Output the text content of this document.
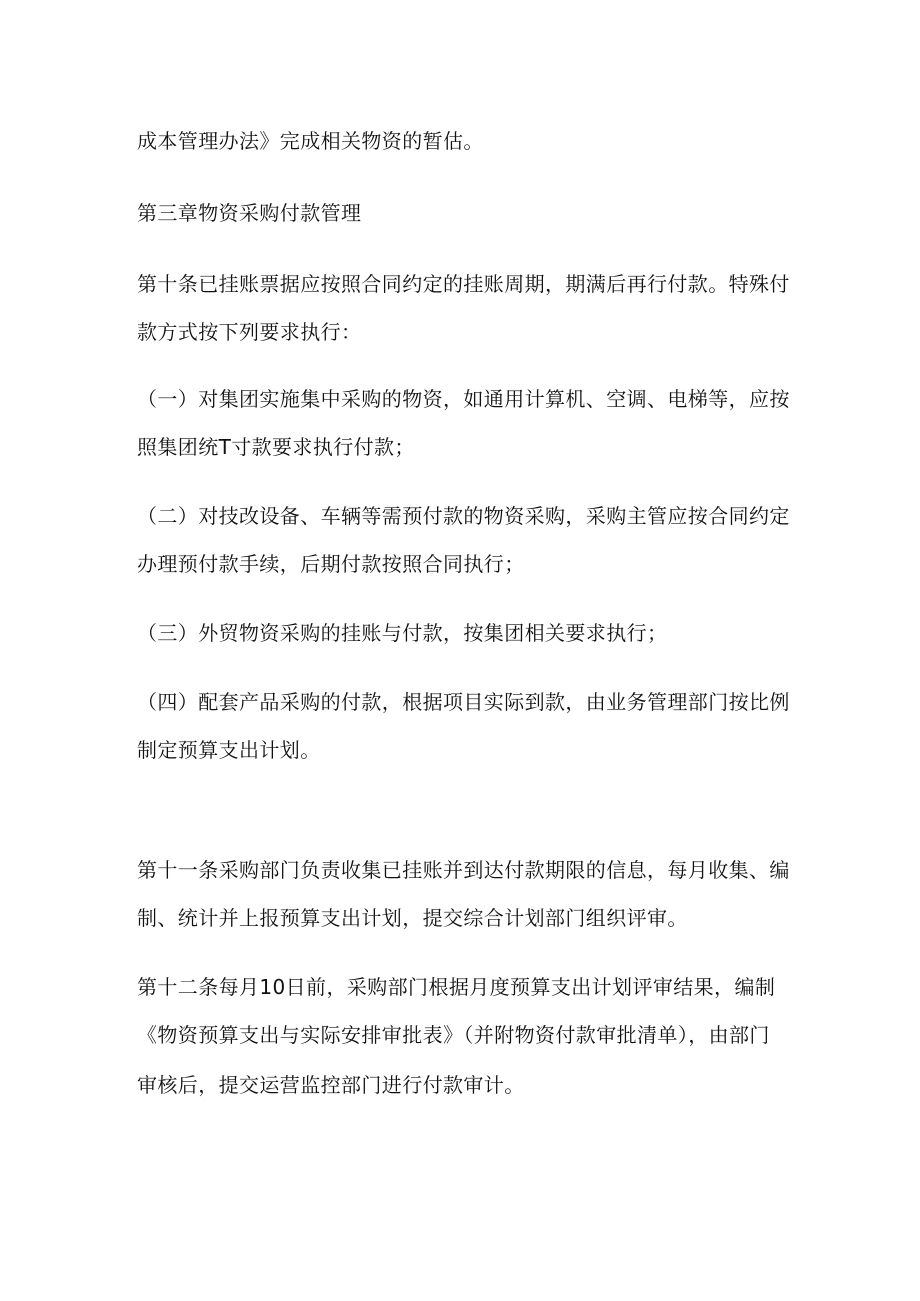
成本管理办法》完成相关物资的暂估。
第三章物资采购付款管理
第十条已挂账票据应按照合同约定的挂账周期，期满后再行付款。特殊付
款方式按下列要求执行：
（一）对集团实施集中采购的物资，如通用计算机、空调、电梯等，应按
照集团统T寸款要求执行付款；
（二）对技改设备、车辆等需预付款的物资采购，采购主管应按合同约定
办理预付款手续，后期付款按照合同执行；
（三）外贸物资采购的挂账与付款，按集团相关要求执行；
（四）配套产品采购的付款，根据项目实际到款，由业务管理部门按比例
制定预算支出计划。
第十一条采购部门负责收集已挂账并到达付款期限的信息，每月收集、编
制、统计并上报预算支出计划，提交综合计划部门组织评审。
第十二条每月10日前，采购部门根据月度预算支出计划评审结果，编制
《物资预算支出与实际安排审批表》（并附物资付款审批清单），由部门
审核后，提交运营监控部门进行付款审计。
